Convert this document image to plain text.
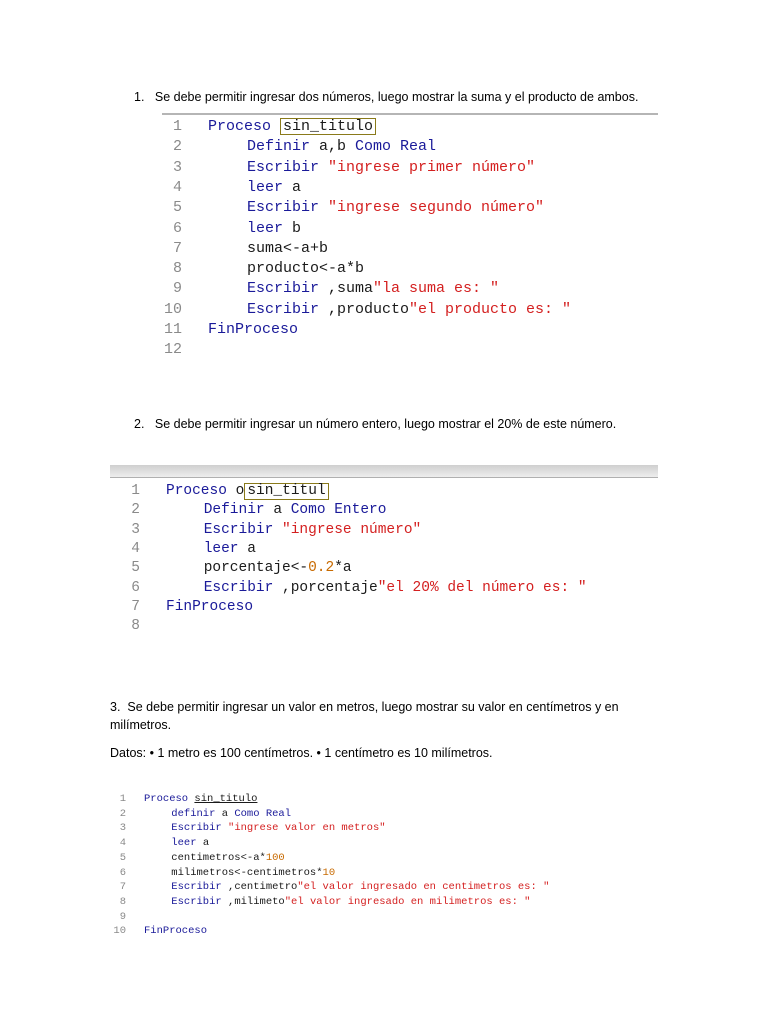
1. Se debe permitir ingresar dos números, luego mostrar la suma y el producto de ambos.
1 Proceso sin_titulo
2	Definir a,b Como Real
3	Escribir "ingrese primer número"
4	leer a
5	Escribir "ingrese segundo número"
6	leer b
7	suma<-a+b
8	producto<-a*b
9	Escribir ,suma"la suma es: "
10	Escribir ,producto"el producto es: "
11 FinProceso
12
2. Se debe permitir ingresar un número entero, luego mostrar el 20% de este número.
1 Proceso o sin_titul
2	Definir a Como Entero
3	Escribir "ingrese número"
4	leer a
5	porcentaje<-0.2*a
6	Escribir ,porcentaje"el 20% del número es: "
7 FinProceso
8
3. Se debe permitir ingresar un valor en metros, luego mostrar su valor en centímetros y en
milímetros.
Datos: • 1 metro es 100 centímetros. • 1 centímetro es 10 milímetros.
1 Proceso sin_titulo
2	definir a Como Real
3	Escribir "ingrese valor en metros"
4	leer a
5	centimetros<-a*100
6	milimetros<-centimetros*10
7	Escribir ,centimetro"el valor ingresado en centimetros es: "
8	Escribir ,milimeto"el valor ingresado en milimetros es: "
9
10 FinProceso
